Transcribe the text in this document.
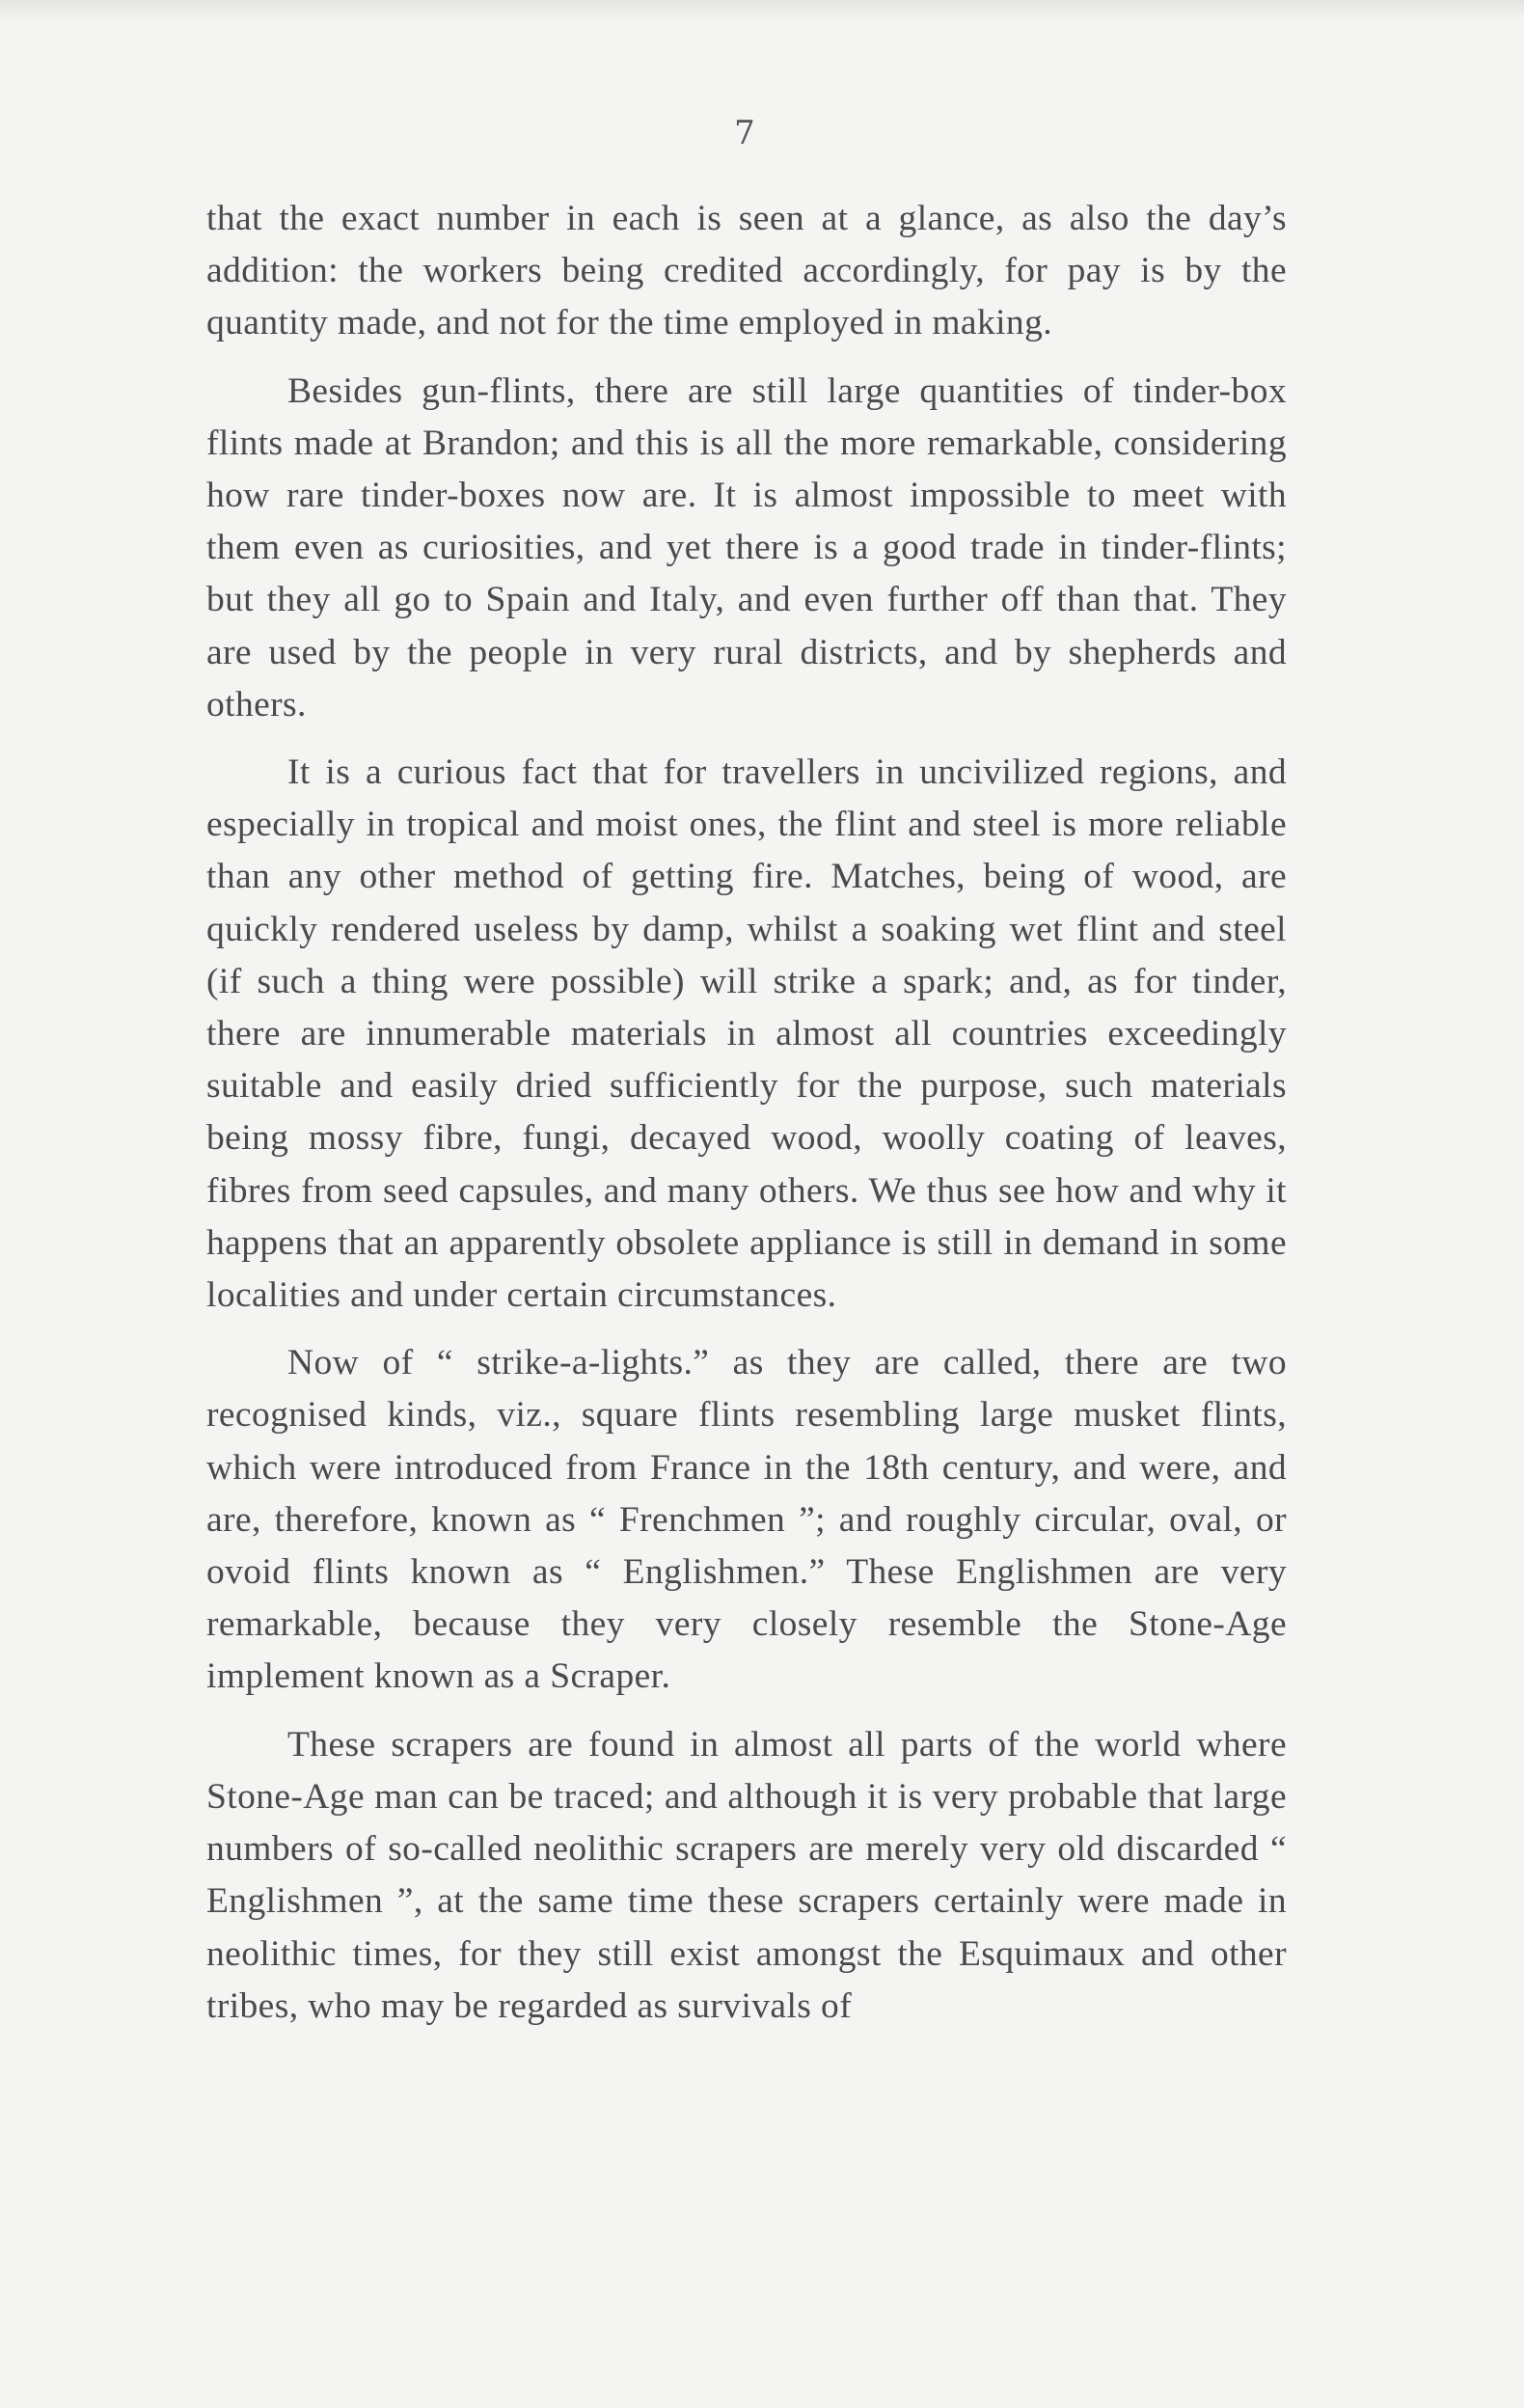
7

that the exact number in each is seen at a glance, as also the day’s addition: the workers being credited accordingly, for pay is by the quantity made, and not for the time employed in making.

Besides gun-flints, there are still large quantities of tinder-box flints made at Brandon; and this is all the more remarkable, considering how rare tinder-boxes now are. It is almost impossible to meet with them even as curiosities, and yet there is a good trade in tinder-flints; but they all go to Spain and Italy, and even further off than that. They are used by the people in very rural districts, and by shepherds and others.

It is a curious fact that for travellers in uncivilized regions, and especially in tropical and moist ones, the flint and steel is more reliable than any other method of getting fire. Matches, being of wood, are quickly rendered useless by damp, whilst a soaking wet flint and steel (if such a thing were possible) will strike a spark; and, as for tinder, there are innumerable materials in almost all countries exceedingly suitable and easily dried sufficiently for the purpose, such materials being mossy fibre, fungi, decayed wood, woolly coating of leaves, fibres from seed capsules, and many others. We thus see how and why it happens that an apparently obsolete appliance is still in demand in some localities and under certain circumstances.

Now of “ strike-a-lights.” as they are called, there are two recognised kinds, viz., square flints resembling large musket flints, which were introduced from France in the 18th century, and were, and are, therefore, known as “ Frenchmen ”; and roughly circular, oval, or ovoid flints known as “ Englishmen.” These Englishmen are very remarkable, because they very closely resemble the Stone-Age implement known as a Scraper.

These scrapers are found in almost all parts of the world where Stone-Age man can be traced; and although it is very probable that large numbers of so-called neolithic scrapers are merely very old discarded “ Englishmen ”, at the same time these scrapers certainly were made in neolithic times, for they still exist amongst the Esquimaux and other tribes, who may be regarded as survivals of
